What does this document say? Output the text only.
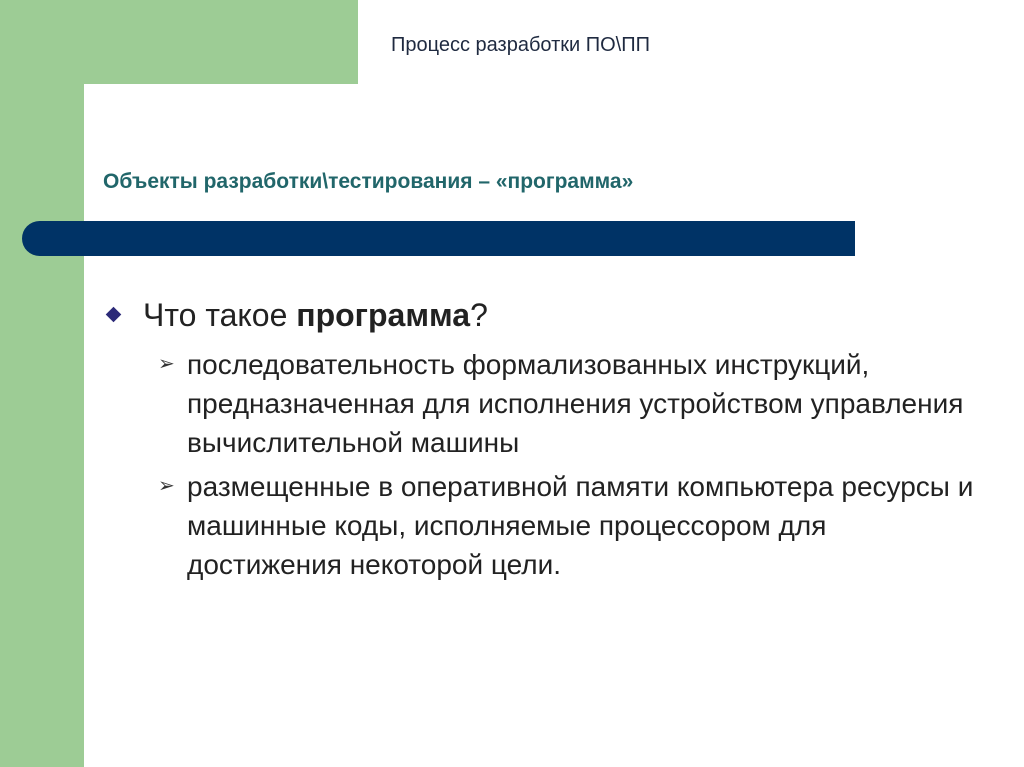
Процесс разработки ПО\ПП
Объекты разработки\тестирования – «программа»
Что такое программа?
➢ последовательность формализованных инструкций, предназначенная для исполнения устройством управления вычислительной машины
➢ размещенные в оперативной памяти компьютера ресурсы и машинные коды, исполняемые процессором для достижения некоторой цели.
